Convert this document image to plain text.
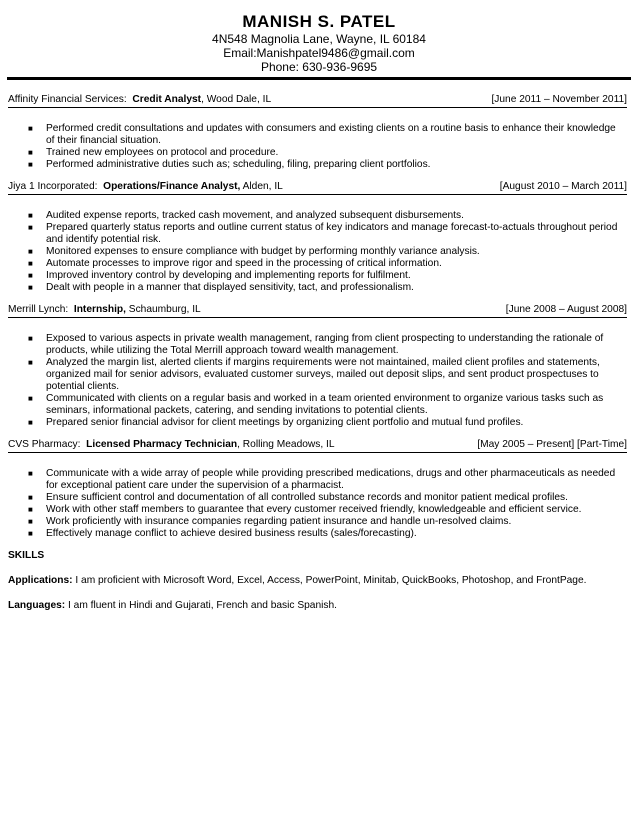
MANISH S. PATEL
4N548 Magnolia Lane, Wayne, IL 60184
Email:Manishpatel9486@gmail.com
Phone: 630-936-9695
Affinity Financial Services: Credit Analyst, Wood Dale, IL	[June 2011 – November 2011]
■ Performed credit consultations and updates with consumers and existing clients on a routine basis to enhance their knowledge of their financial situation.
■ Trained new employees on protocol and procedure.
■ Performed administrative duties such as; scheduling, filing, preparing client portfolios.
Jiya 1 Incorporated: Operations/Finance Analyst, Alden, IL	[August 2010 – March 2011]
■ Audited expense reports, tracked cash movement, and analyzed subsequent disbursements.
■ Prepared quarterly status reports and outline current status of key indicators and manage forecast-to-actuals throughout period and identify potential risk.
■ Monitored expenses to ensure compliance with budget by performing monthly variance analysis.
■ Automate processes to improve rigor and speed in the processing of critical information.
■ Improved inventory control by developing and implementing reports for fulfilment.
■ Dealt with people in a manner that displayed sensitivity, tact, and professionalism.
Merrill Lynch: Internship, Schaumburg, IL	[June 2008 – August 2008]
■ Exposed to various aspects in private wealth management, ranging from client prospecting to understanding the rationale of products, while utilizing the Total Merrill approach toward wealth management.
■ Analyzed the margin list, alerted clients if margins requirements were not maintained, mailed client profiles and statements, organized mail for senior advisors, evaluated customer surveys, mailed out deposit slips, and sent product prospectuses to potential clients.
■ Communicated with clients on a regular basis and worked in a team oriented environment to organize various tasks such as seminars, informational packets, catering, and sending invitations to potential clients.
■ Prepared senior financial advisor for client meetings by organizing client portfolio and mutual fund profiles.
CVS Pharmacy: Licensed Pharmacy Technician, Rolling Meadows, IL	[May 2005 – Present] [Part-Time]
■ Communicate with a wide array of people while providing prescribed medications, drugs and other pharmaceuticals as needed for exceptional patient care under the supervision of a pharmacist.
■ Ensure sufficient control and documentation of all controlled substance records and monitor patient medical profiles.
■ Work with other staff members to guarantee that every customer received friendly, knowledgeable and efficient service.
■ Work proficiently with insurance companies regarding patient insurance and handle un-resolved claims.
■ Effectively manage conflict to achieve desired business results (sales/forecasting).
SKILLS
Applications: I am proficient with Microsoft Word, Excel, Access, PowerPoint, Minitab, QuickBooks, Photoshop, and FrontPage.
Languages: I am fluent in Hindi and Gujarati, French and basic Spanish.
